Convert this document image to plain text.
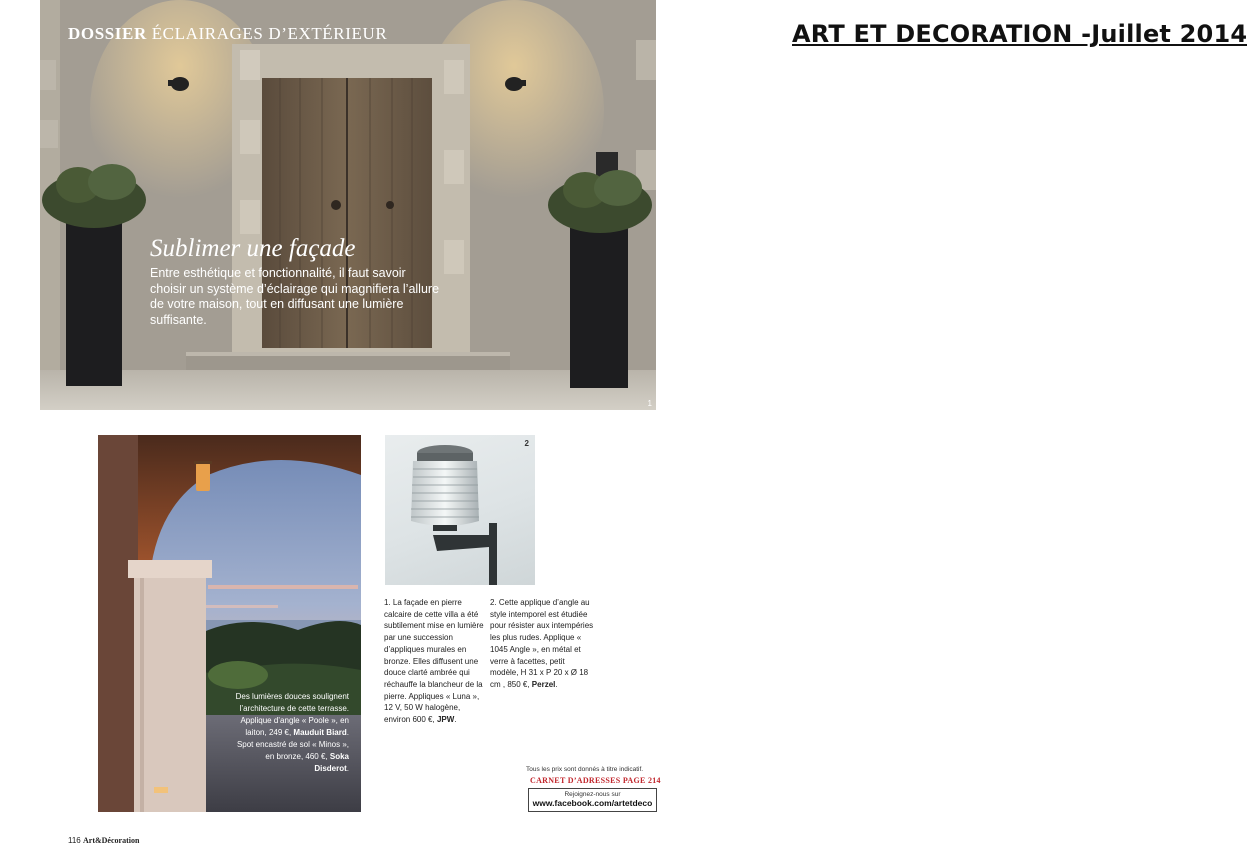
ART ET DECORATION -Juillet 2014
DOSSIER ÉCLAIRAGES D’EXTÉRIEUR
Sublimer une façade
Entre esthétique et fonctionnalité, il faut savoir choisir un système d’éclairage qui magnifiera l’allure de votre maison, tout en diffusant une lumière suffisante.
1
Des lumières douces soulignent l’architecture de cette terrasse. Applique d’angle « Poole », en laiton, 249 €, Mauduit Biard. Spot encastré de sol « Minos », en bronze, 460 €, Soka Disderot.
2
1. La façade en pierre calcaire de cette villa a été subtilement mise en lumière par une succession d’appliques murales en bronze. Elles diffusent une douce clarté ambrée qui réchauffe la blancheur de la pierre. Appliques « Luna », 12 V, 50 W halogène, environ 600 €, JPW.
2. Cette applique d’angle au style intemporel est étudiée pour résister aux intempéries les plus rudes. Applique « 1045 Angle », en métal et verre à facettes, petit modèle, H 31 x P 20 x Ø 18 cm , 850 €, Perzel.
Tous les prix sont donnés à titre indicatif.
CARNET D’ADRESSES PAGE 214
Rejoignez-nous sur
www.facebook.com/artetdeco
116 Art&Décoration
